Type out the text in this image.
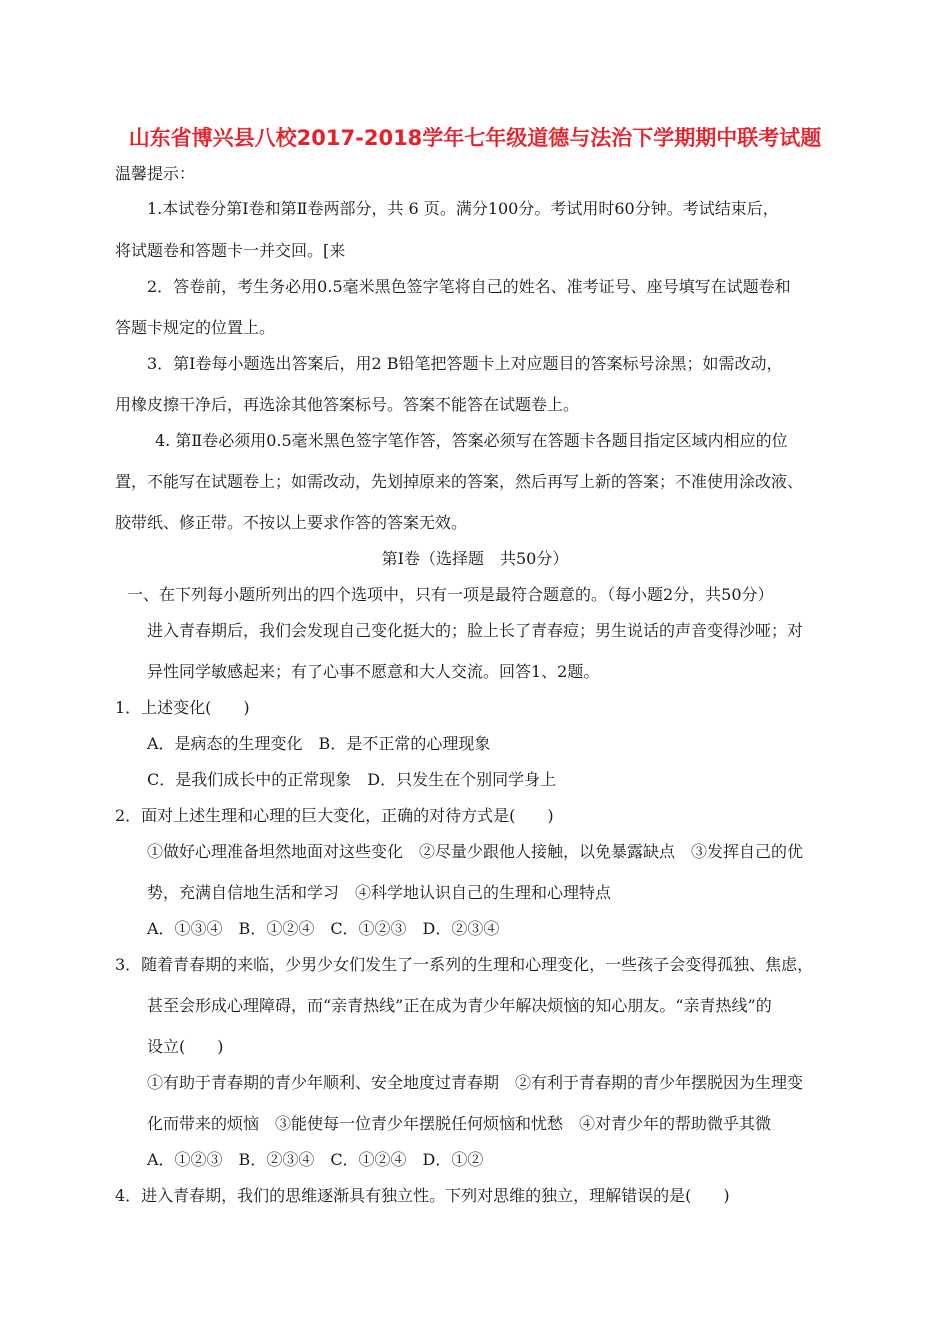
山东省博兴县八校2017-2018学年七年级道德与法治下学期期中联考试题
温馨提示：
1.本试卷分第Ⅰ卷和第Ⅱ卷两部分，共 6 页。满分100分。考试用时60分钟。考试结束后，
将试题卷和答题卡一并交回。[来
2．答卷前，考生务必用0.5毫米黑色签字笔将自己的姓名、准考证号、座号填写在试题卷和
答题卡规定的位置上。
3．第Ⅰ卷每小题选出答案后，用2 B铅笔把答题卡上对应题目的答案标号涂黑；如需改动，
用橡皮擦干净后，再选涂其他答案标号。答案不能答在试题卷上。
4. 第Ⅱ卷必须用0.5毫米黑色签字笔作答，答案必须写在答题卡各题目指定区域内相应的位
置，不能写在试题卷上；如需改动，先划掉原来的答案，然后再写上新的答案；不准使用涂改液、
胶带纸、修正带。不按以上要求作答的答案无效。
第Ⅰ卷（选择题　共50分）
一、在下列每小题所列出的四个选项中，只有一项是最符合题意的。（每小题2分，共50分）
进入青春期后，我们会发现自己变化挺大的；脸上长了青春痘；男生说话的声音变得沙哑；对
异性同学敏感起来；有了心事不愿意和大人交流。回答1、2题。
1．上述变化(　　)
A．是病态的生理变化　B．是不正常的心理现象
C．是我们成长中的正常现象　D．只发生在个别同学身上
2．面对上述生理和心理的巨大变化，正确的对待方式是(　　)
①做好心理准备坦然地面对这些变化　②尽量少跟他人接触，以免暴露缺点　③发挥自己的优
势，充满自信地生活和学习　④科学地认识自己的生理和心理特点
A．①③④　B．①②④　C．①②③　D．②③④
3．随着青春期的来临，少男少女们发生了一系列的生理和心理变化，一些孩子会变得孤独、焦虑，
甚至会形成心理障碍，而“亲青热线”正在成为青少年解决烦恼的知心朋友。“亲青热线”的
设立(　　)
①有助于青春期的青少年顺利、安全地度过青春期　②有利于青春期的青少年摆脱因为生理变
化而带来的烦恼　③能使每一位青少年摆脱任何烦恼和忧愁　④对青少年的帮助微乎其微
A．①②③　B．②③④　C．①②④　D．①②
4．进入青春期，我们的思维逐渐具有独立性。下列对思维的独立，理解错误的是(　　)
